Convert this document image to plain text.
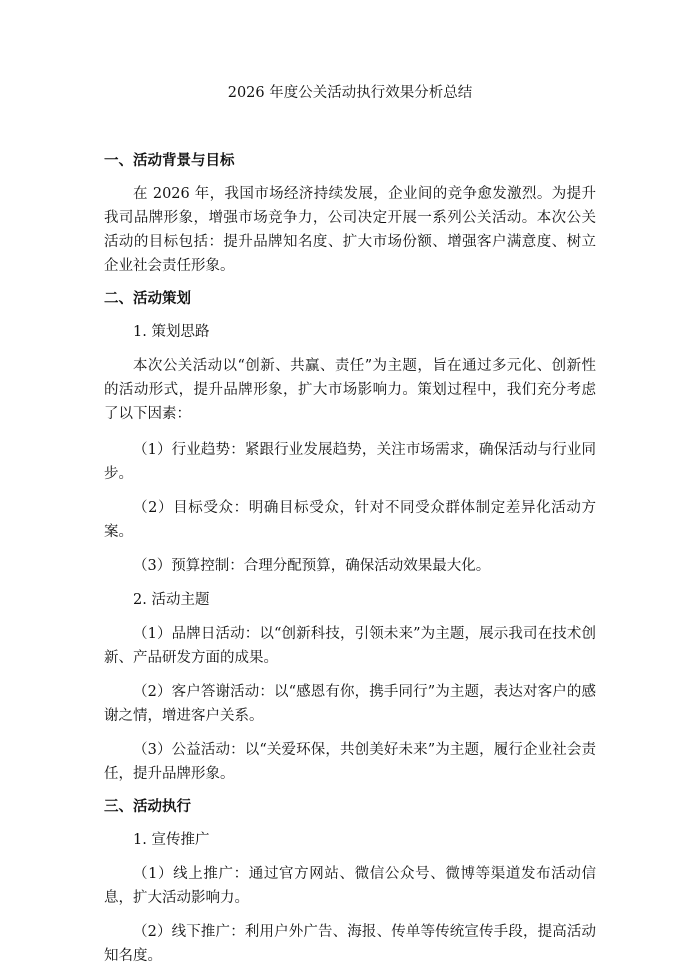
2026 年度公关活动执行效果分析总结
一、活动背景与目标

在 2026 年，我国市场经济持续发展，企业间的竞争愈发激烈。为提升我司品牌形象，增强市场竞争力，公司决定开展一系列公关活动。本次公关活动的目标包括：提升品牌知名度、扩大市场份额、增强客户满意度、树立企业社会责任形象。

二、活动策划

1. 策划思路

本次公关活动以“创新、共赢、责任”为主题，旨在通过多元化、创新性的活动形式，提升品牌形象，扩大市场影响力。策划过程中，我们充分考虑了以下因素：

（1）行业趋势：紧跟行业发展趋势，关注市场需求，确保活动与行业同步。

（2）目标受众：明确目标受众，针对不同受众群体制定差异化活动方案。

（3）预算控制：合理分配预算，确保活动效果最大化。

2. 活动主题

（1）品牌日活动：以“创新科技，引领未来”为主题，展示我司在技术创新、产品研发方面的成果。

（2）客户答谢活动：以“感恩有你，携手同行”为主题，表达对客户的感谢之情，增进客户关系。

（3）公益活动：以“关爱环保，共创美好未来”为主题，履行企业社会责任，提升品牌形象。

三、活动执行

1. 宣传推广

（1）线上推广：通过官方网站、微信公众号、微博等渠道发布活动信息，扩大活动影响力。

（2）线下推广：利用户外广告、海报、传单等传统宣传手段，提高活动知名度。
